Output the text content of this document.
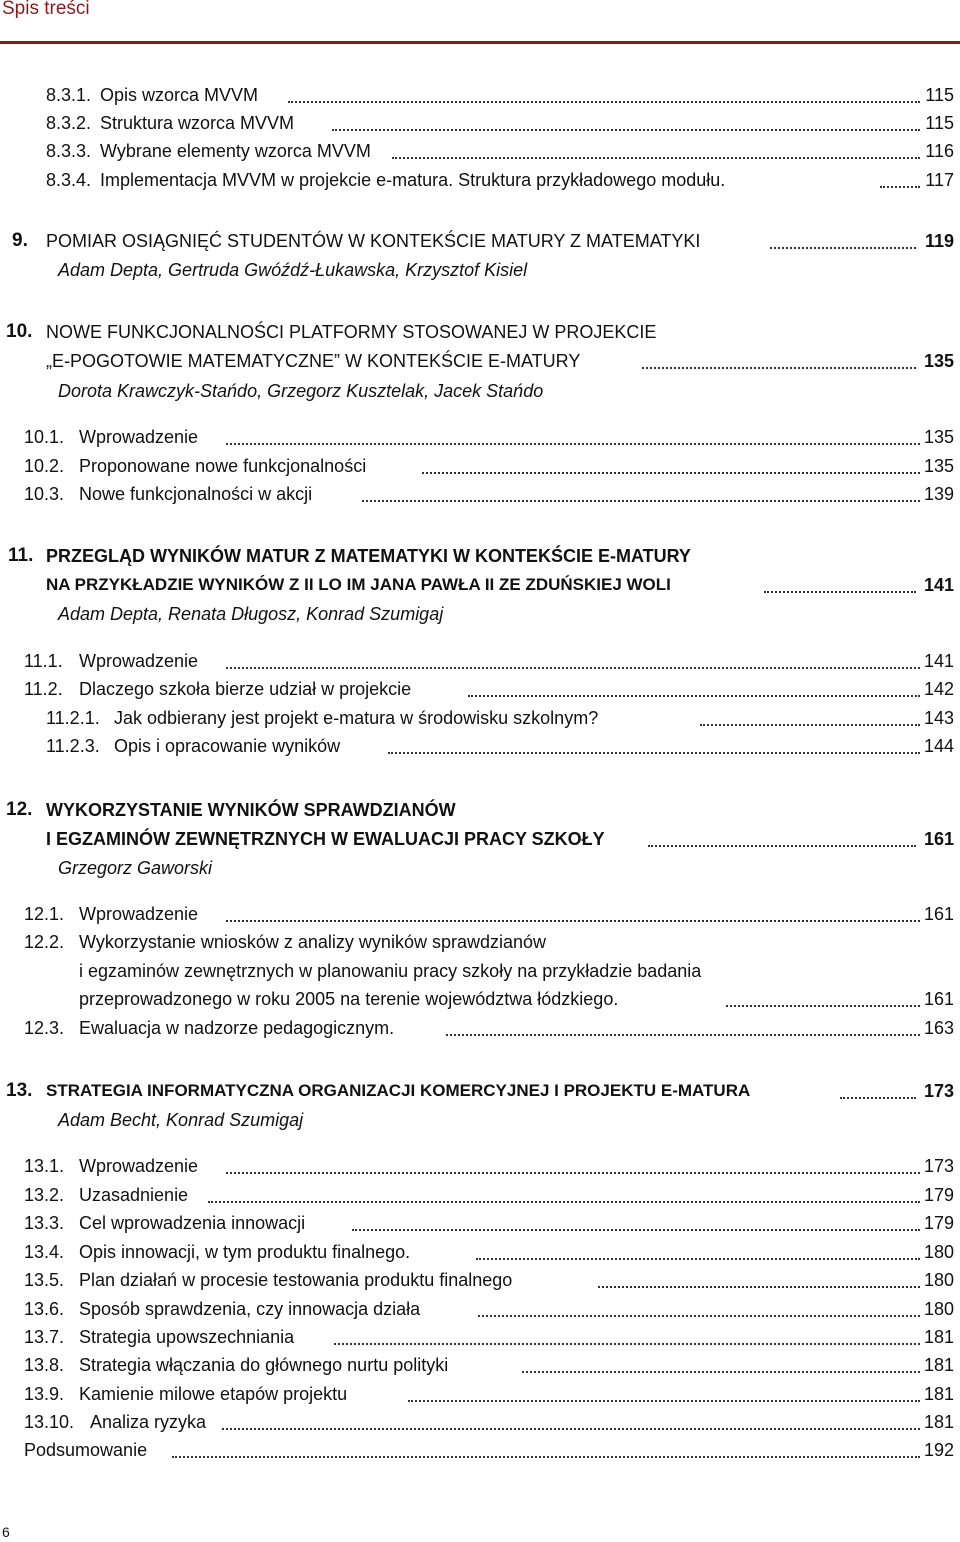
Spis treści
8.3.1. Opis wzorca MVVM	115
8.3.2. Struktura wzorca MVVM	115
8.3.3. Wybrane elementy wzorca MVVM	116
8.3.4. Implementacja MVVM w projekcie e-matura. Struktura przykładowego modułu.	117
9. POMIAR OSIĄGNIĘĆ STUDENTÓW W KONTEKŚCIE MATURY Z MATEMATYKI	119
Adam Depta, Gertruda Gwóźdź-Łukawska, Krzysztof Kisiel
10. NOWE FUNKCJONALNOŚCI PLATFORMY STOSOWANEJ W PROJEKCIE
„E-POGOTOWIE MATEMATYCZNE” W KONTEKŚCIE E-MATURY	135
Dorota Krawczyk-Stańdo, Grzegorz Kusztelak, Jacek Stańdo
10.1. Wprowadzenie	135
10.2. Proponowane nowe funkcjonalności	135
10.3. Nowe funkcjonalności w akcji	139
11. PRZEGLĄD WYNIKÓW MATUR Z MATEMATYKI W KONTEKŚCIE E-MATURY
NA PRZYKŁADZIE WYNIKÓW Z II LO IM JANA PAWŁA II ZE ZDUŃSKIEJ WOLI	141
Adam Depta, Renata Długosz, Konrad Szumigaj
11.1. Wprowadzenie	141
11.2. Dlaczego szkoła bierze udział w projekcie	142
11.2.1. Jak odbierany jest projekt e-matura w środowisku szkolnym?	143
11.2.3. Opis i opracowanie wyników	144
12. WYKORZYSTANIE WYNIKÓW SPRAWDZIANÓW
I EGZAMINÓW ZEWNĘTRZNYCH W EWALUACJI PRACY SZKOŁY	161
Grzegorz Gaworski
12.1. Wprowadzenie	161
12.2. Wykorzystanie wniosków z analizy wyników sprawdzianów
i egzaminów zewnętrznych w planowaniu pracy szkoły na przykładzie badania
przeprowadzonego w roku 2005 na terenie województwa łódzkiego.	161
12.3. Ewaluacja w nadzorze pedagogicznym.	163
13. STRATEGIA INFORMATYCZNA ORGANIZACJI KOMERCYJNEJ I PROJEKTU E-MATURA	173
Adam Becht, Konrad Szumigaj
13.1. Wprowadzenie	173
13.2. Uzasadnienie	179
13.3. Cel wprowadzenia innowacji	179
13.4. Opis innowacji, w tym produktu finalnego.	180
13.5. Plan działań w procesie testowania produktu finalnego	180
13.6. Sposób sprawdzenia, czy innowacja działa	180
13.7. Strategia upowszechniania	181
13.8. Strategia włączania do głównego nurtu polityki	181
13.9. Kamienie milowe etapów projektu	181
13.10. Analiza ryzyka	181
Podsumowanie	192
6
